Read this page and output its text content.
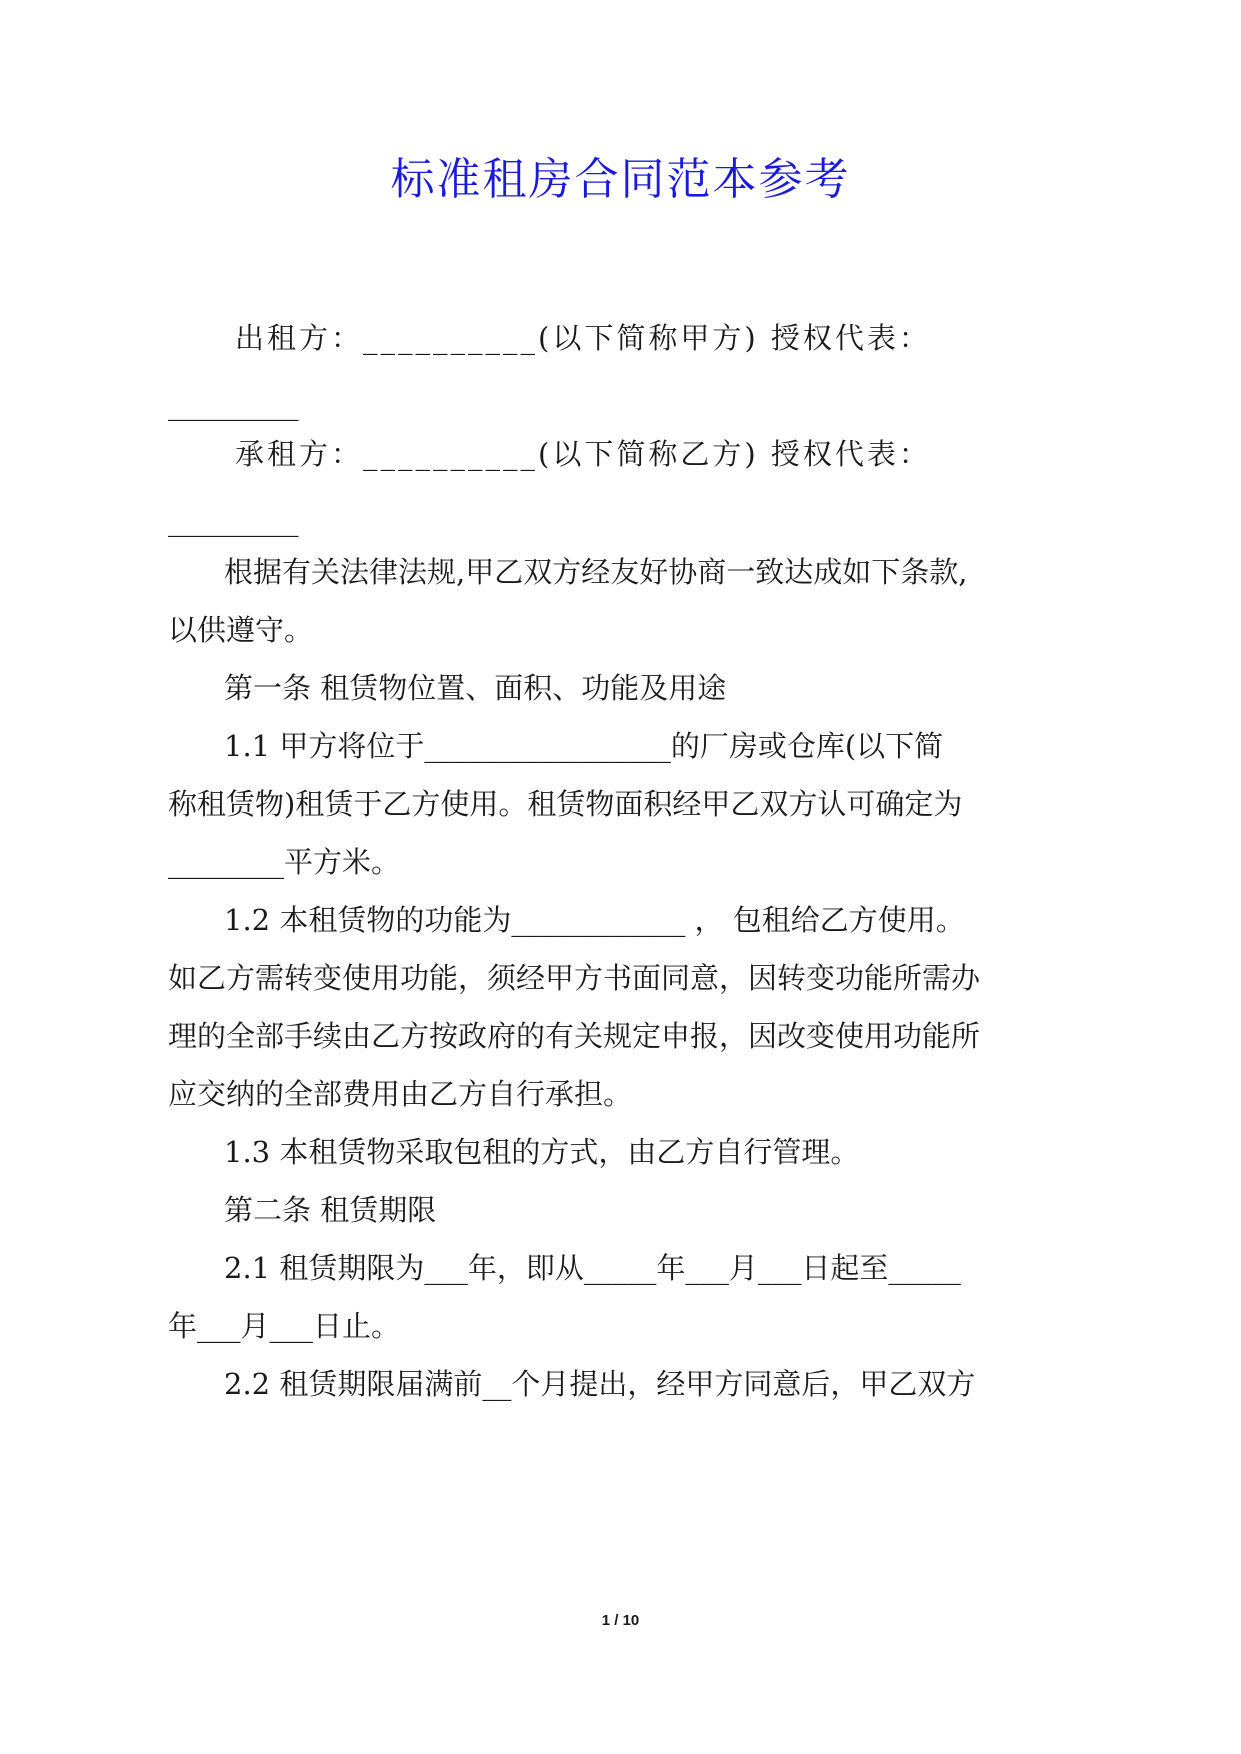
标准租房合同范本参考
出租方：__________(以下简称甲方) 授权代表：
_________
承租方：__________(以下简称乙方) 授权代表：
_________
根据有关法律法规,甲乙双方经友好协商一致达成如下条款,
以供遵守。
第一条 租赁物位置、面积、功能及用途
1.1 甲方将位于_________________的厂房或仓库(以下简
称租赁物)租赁于乙方使用。租赁物面积经甲乙双方认可确定为
________平方米。
1.2 本租赁物的功能为____________ ， 包租给乙方使用。
如乙方需转变使用功能，须经甲方书面同意，因转变功能所需办
理的全部手续由乙方按政府的有关规定申报，因改变使用功能所
应交纳的全部费用由乙方自行承担。
1.3 本租赁物采取包租的方式，由乙方自行管理。
第二条 租赁期限
2.1 租赁期限为___年，即从_____年___月___日起至_____
年___月___日止。
2.2 租赁期限届满前__个月提出，经甲方同意后，甲乙双方
1 / 10
